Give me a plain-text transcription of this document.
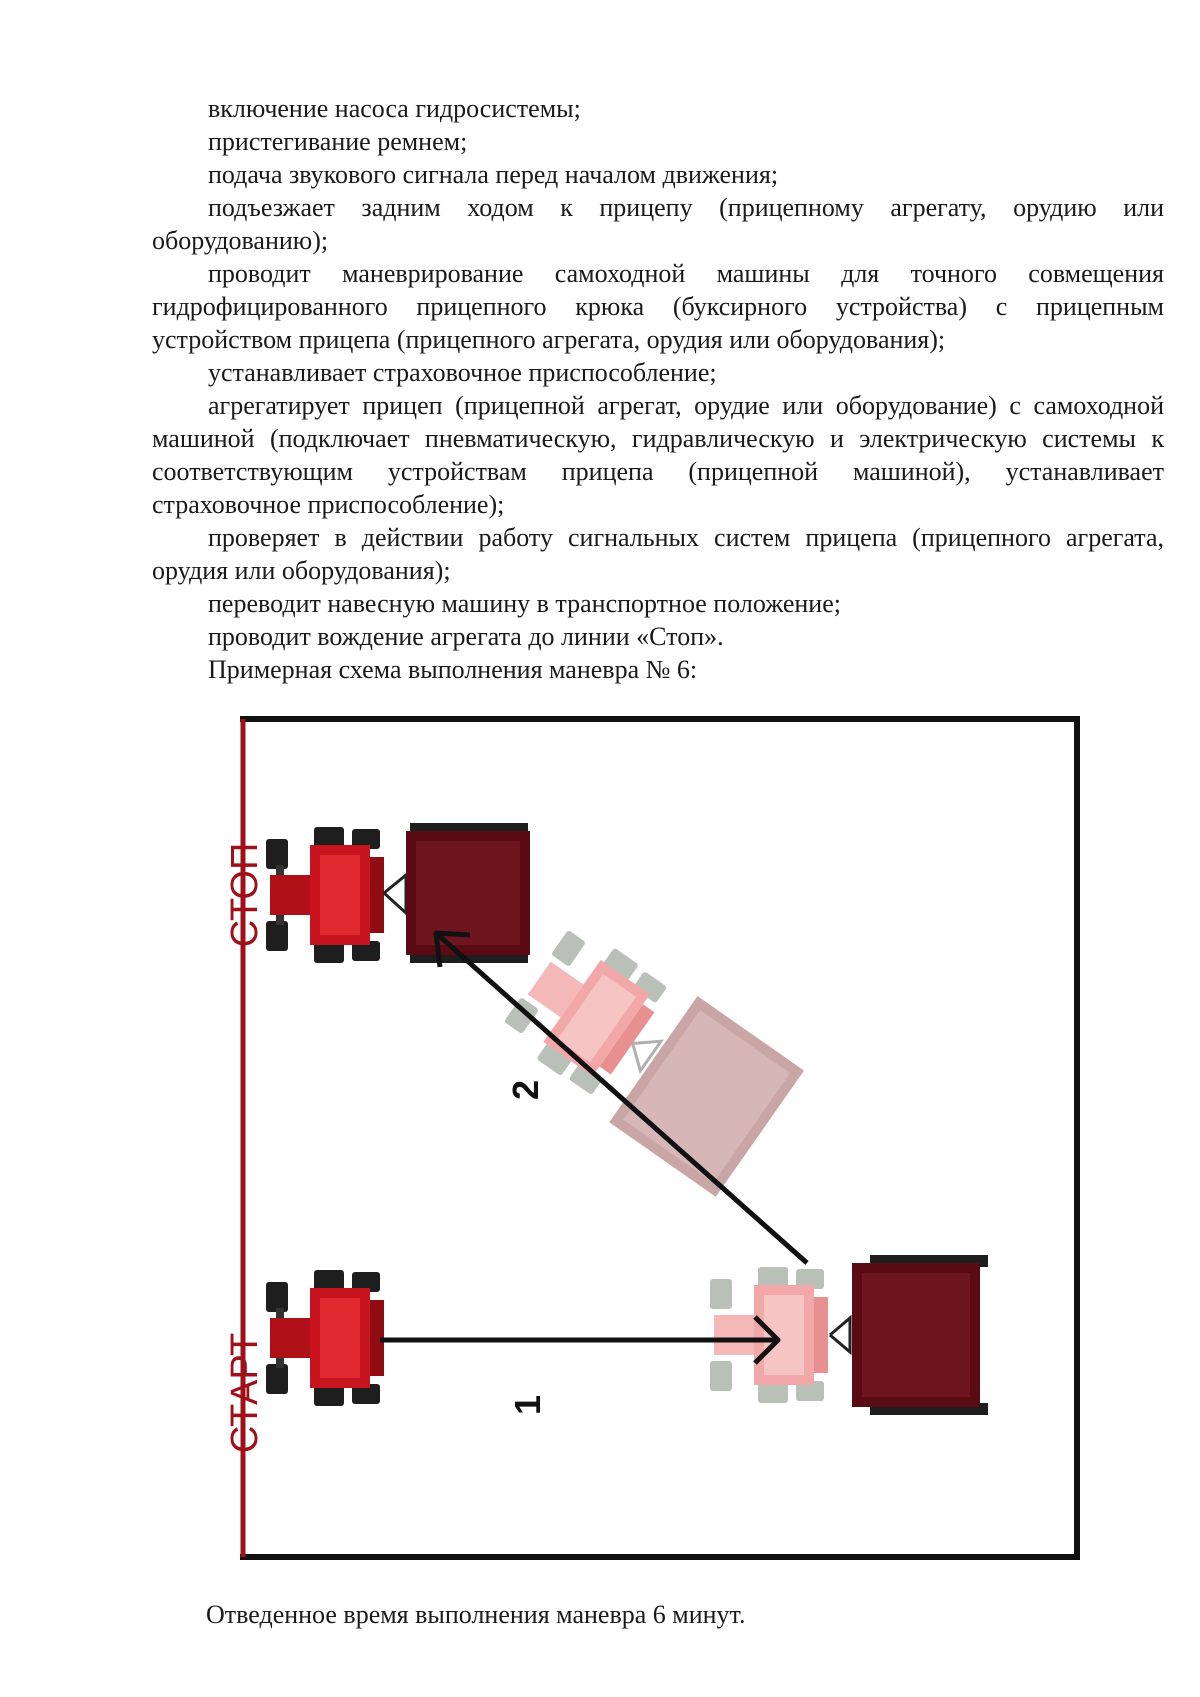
включение насоса гидросистемы;

пристегивание ремнем;

подача звукового сигнала перед началом движения;

подъезжает задним ходом к прицепу (прицепному агрегату, орудию или оборудованию);

проводит маневрирование самоходной машины для точного совмещения гидрофицированного прицепного крюка (буксирного устройства) с прицепным устройством прицепа (прицепного агрегата, орудия или оборудования);

устанавливает страховочное приспособление;

агрегатирует прицеп (прицепной агрегат, орудие или оборудование) с самоходной машиной (подключает пневматическую, гидравлическую и электрическую системы к соответствующим устройствам прицепа (прицепной машиной), устанавливает страховочное приспособление);

проверяет в действии работу сигнальных систем прицепа (прицепного агрегата, орудия или оборудования);

переводит навесную машину в транспортное положение;

проводит вождение агрегата до линии «Стоп».

Примерная схема выполнения маневра № 6:

СТОП
СТАРТ	1
2
Отведенное время выполнения маневра 6 минут.
